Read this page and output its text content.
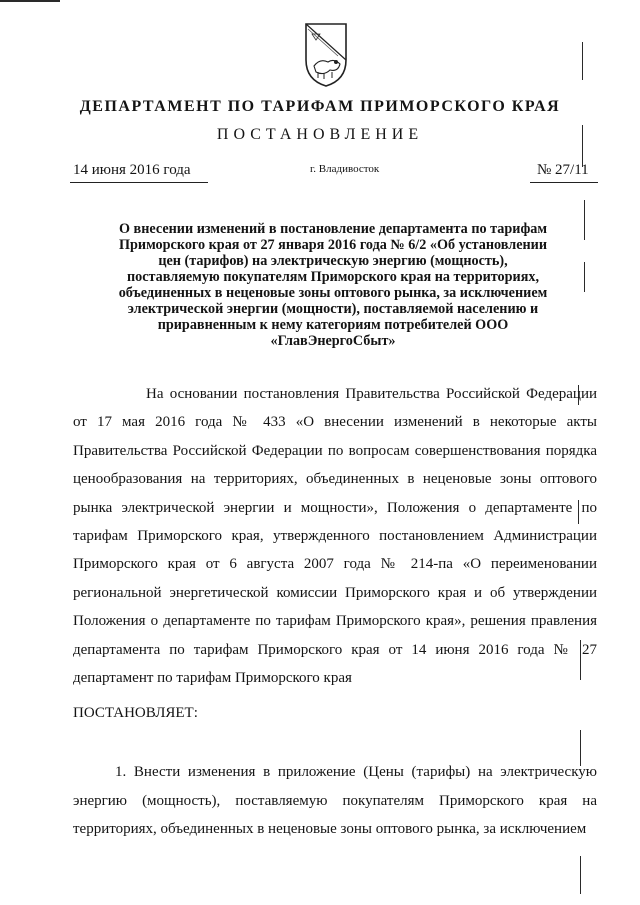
ДЕПАРТАМЕНТ ПО ТАРИФАМ ПРИМОРСКОГО КРАЯ
ПОСТАНОВЛЕНИЕ
14 июня 2016 года	г. Владивосток	№ 27/11
О внесении изменений в постановление департамента по тарифам Приморского края от 27 января 2016 года № 6/2 «Об установлении цен (тарифов) на электрическую энергию (мощность), поставляемую покупателям Приморского края на территориях, объединенных в неценовые зоны оптового рынка, за исключением электрической энергии (мощности), поставляемой населению и приравненным к нему категориям потребителей ООО «ГлавЭнергоСбыт»
На основании постановления Правительства Российской Федерации от 17 мая 2016 года № 433 «О внесении изменений в некоторые акты Правительства Российской Федерации по вопросам совершенствования порядка ценообразования на территориях, объединенных в неценовые зоны оптового рынка электрической энергии и мощности», Положения о департаменте по тарифам Приморского края, утвержденного постановлением Администрации Приморского края от 6 августа 2007 года № 214-па «О переименовании региональной энергетической комиссии Приморского края и об утверждении Положения о департаменте по тарифам Приморского края», решения правления департамента по тарифам Приморского края от 14 июня 2016 года № 27 департамент по тарифам Приморского края
ПОСТАНОВЛЯЕТ:
1. Внести изменения в приложение (Цены (тарифы) на электрическую энергию (мощность), поставляемую покупателям Приморского края на территориях, объединенных в неценовые зоны оптового рынка, за исключением
